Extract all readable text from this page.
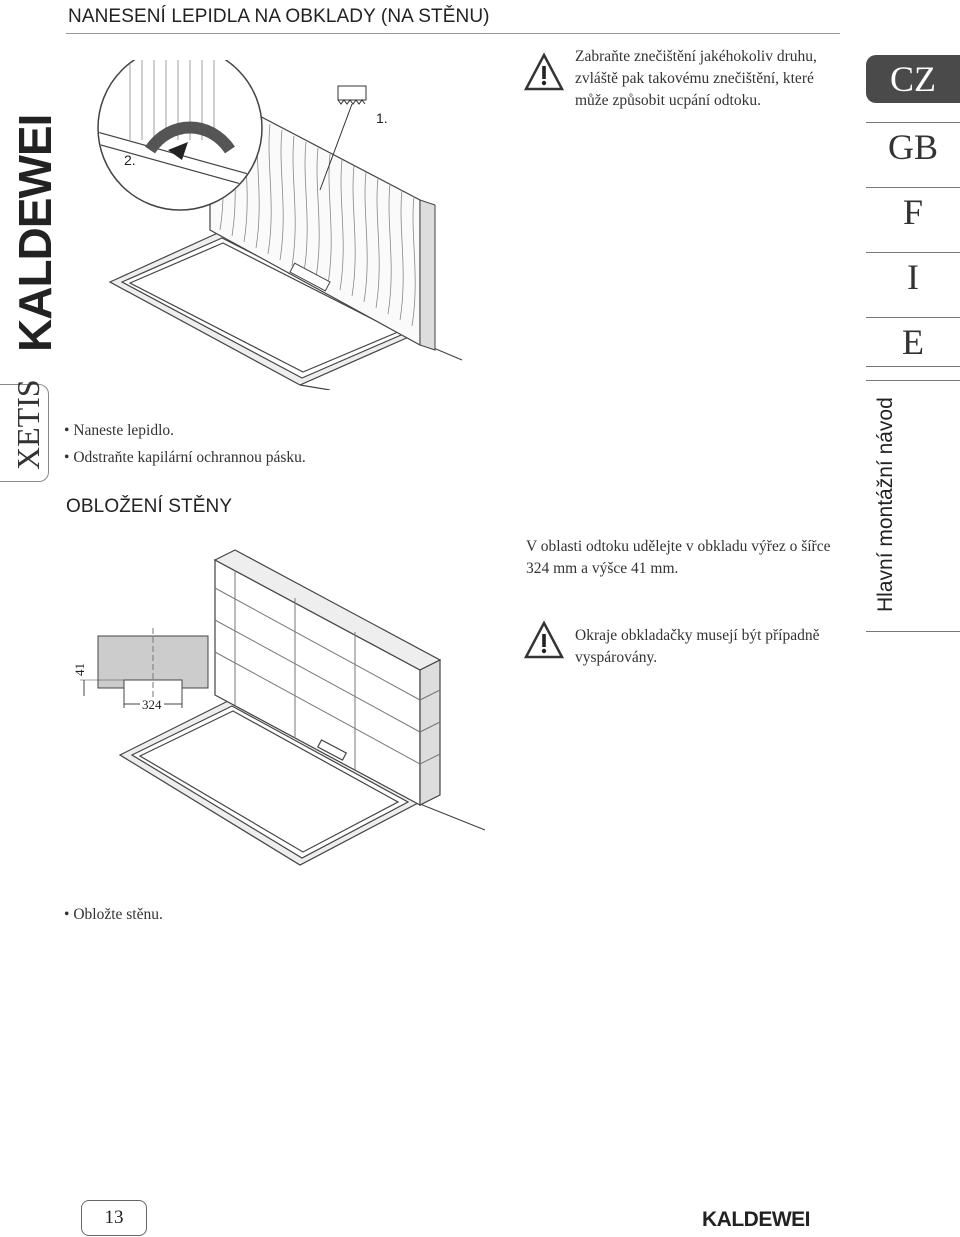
NANESENÍ LEPIDLA NA OBKLADY (NA STĚNU)
KALDEWEI
XETIS
CZ
GB
F
I
E
Hlavní montážní návod
1.
2.
Zabraňte znečištění jakéhokoliv druhu, zvláště pak takovému znečištění, které může způsobit ucpání odtoku.
• Naneste lepidlo.
• Odstraňte kapilární ochrannou pásku.
OBLOŽENÍ STĚNY
41
324
V oblasti odtoku udělejte v obkladu výřez o šířce 324 mm a výšce 41 mm.
Okraje obkladačky musejí být případně vyspárovány.
• Obložte stěnu.
13	KALDEWEI
